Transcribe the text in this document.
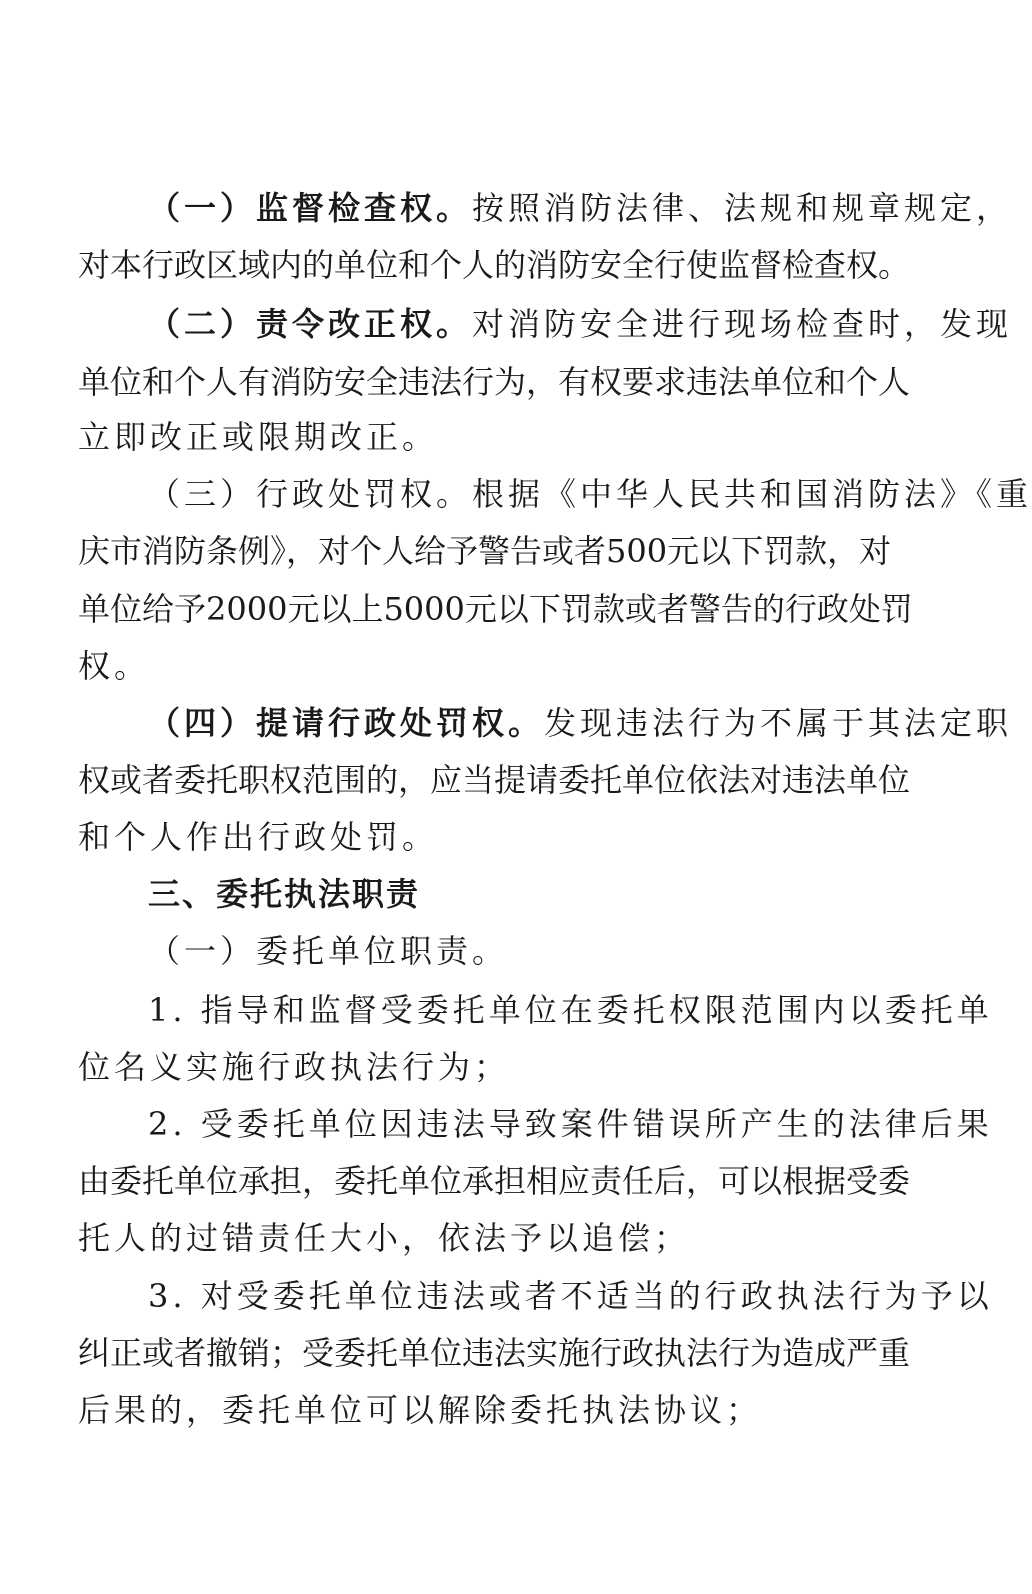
（一）监督检查权。按照消防法律、法规和规章规定，
对本行政区域内的单位和个人的消防安全行使监督检查权。
（二）责令改正权。对消防安全进行现场检查时，发现
单位和个人有消防安全违法行为，有权要求违法单位和个人
立即改正或限期改正。
（三）行政处罚权。根据《中华人民共和国消防法》《重
庆市消防条例》，对个人给予警告或者500元以下罚款，对
单位给予2000元以上5000元以下罚款或者警告的行政处罚
权。
（四）提请行政处罚权。发现违法行为不属于其法定职
权或者委托职权范围的，应当提请委托单位依法对违法单位
和个人作出行政处罚。
三、委托执法职责
（一）委托单位职责。
1. 指导和监督受委托单位在委托权限范围内以委托单
位名义实施行政执法行为；
2. 受委托单位因违法导致案件错误所产生的法律后果
由委托单位承担，委托单位承担相应责任后，可以根据受委
托人的过错责任大小，依法予以追偿；
3. 对受委托单位违法或者不适当的行政执法行为予以
纠正或者撤销；受委托单位违法实施行政执法行为造成严重
后果的，委托单位可以解除委托执法协议；
